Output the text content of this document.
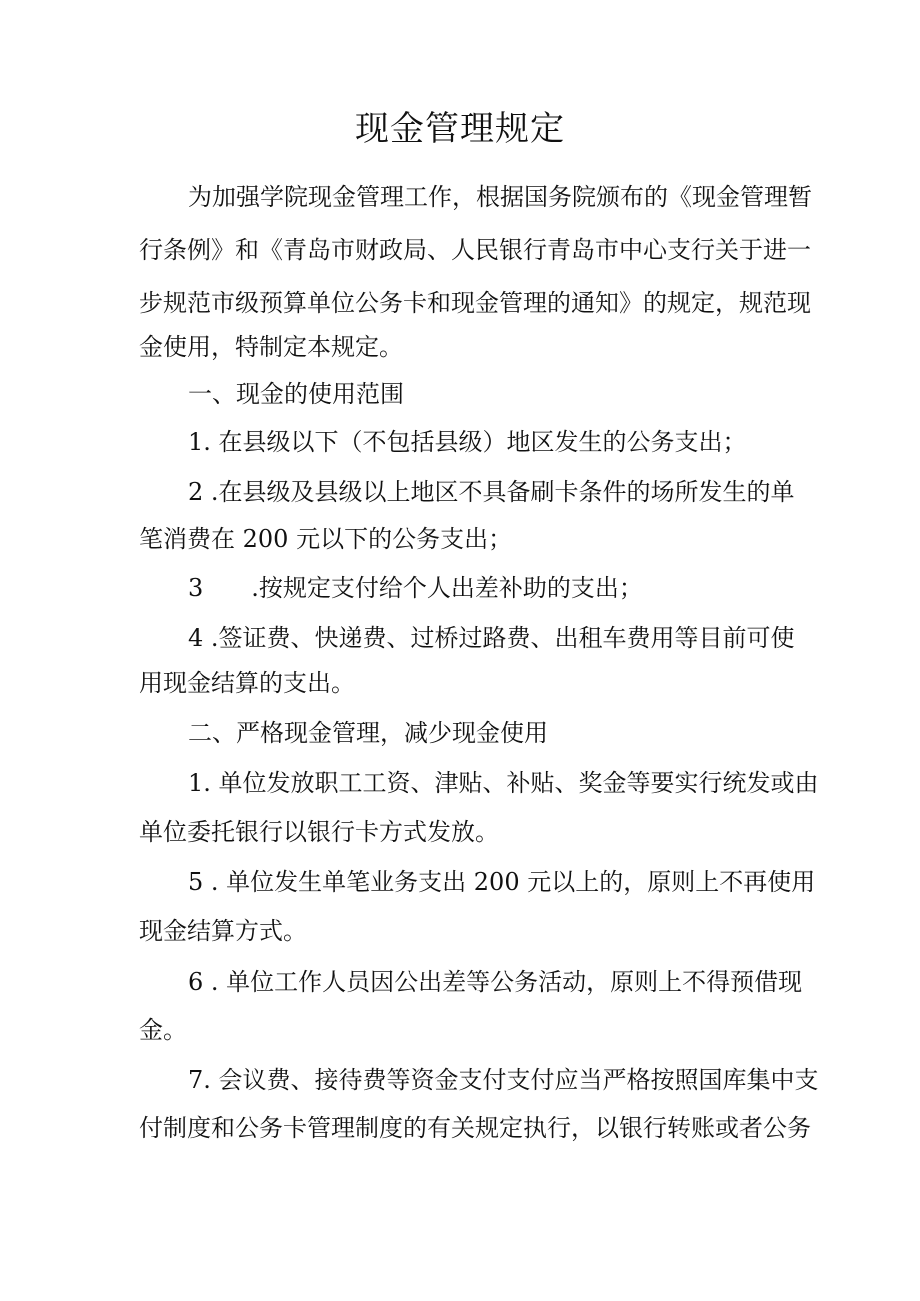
现金管理规定
为加强学院现金管理工作，根据国务院颁布的《现金管理暂
行条例》和《青岛市财政局、人民银行青岛市中心支行关于进一
步规范市级预算单位公务卡和现金管理的通知》的规定，规范现
金使用，特制定本规定。
一、现金的使用范围
1. 在县级以下（不包括县级）地区发生的公务支出；
2 .在县级及县级以上地区不具备刷卡条件的场所发生的单
笔消费在 200 元以下的公务支出；
3　　.按规定支付给个人出差补助的支出；
4 .签证费、快递费、过桥过路费、出租车费用等目前可使
用现金结算的支出。
二、严格现金管理，减少现金使用
1. 单位发放职工工资、津贴、补贴、奖金等要实行统发或由
单位委托银行以银行卡方式发放。
5 . 单位发生单笔业务支出 200 元以上的，原则上不再使用
现金结算方式。
6 . 单位工作人员因公出差等公务活动，原则上不得预借现
金。
7. 会议费、接待费等资金支付支付应当严格按照国库集中支
付制度和公务卡管理制度的有关规定执行，以银行转账或者公务
